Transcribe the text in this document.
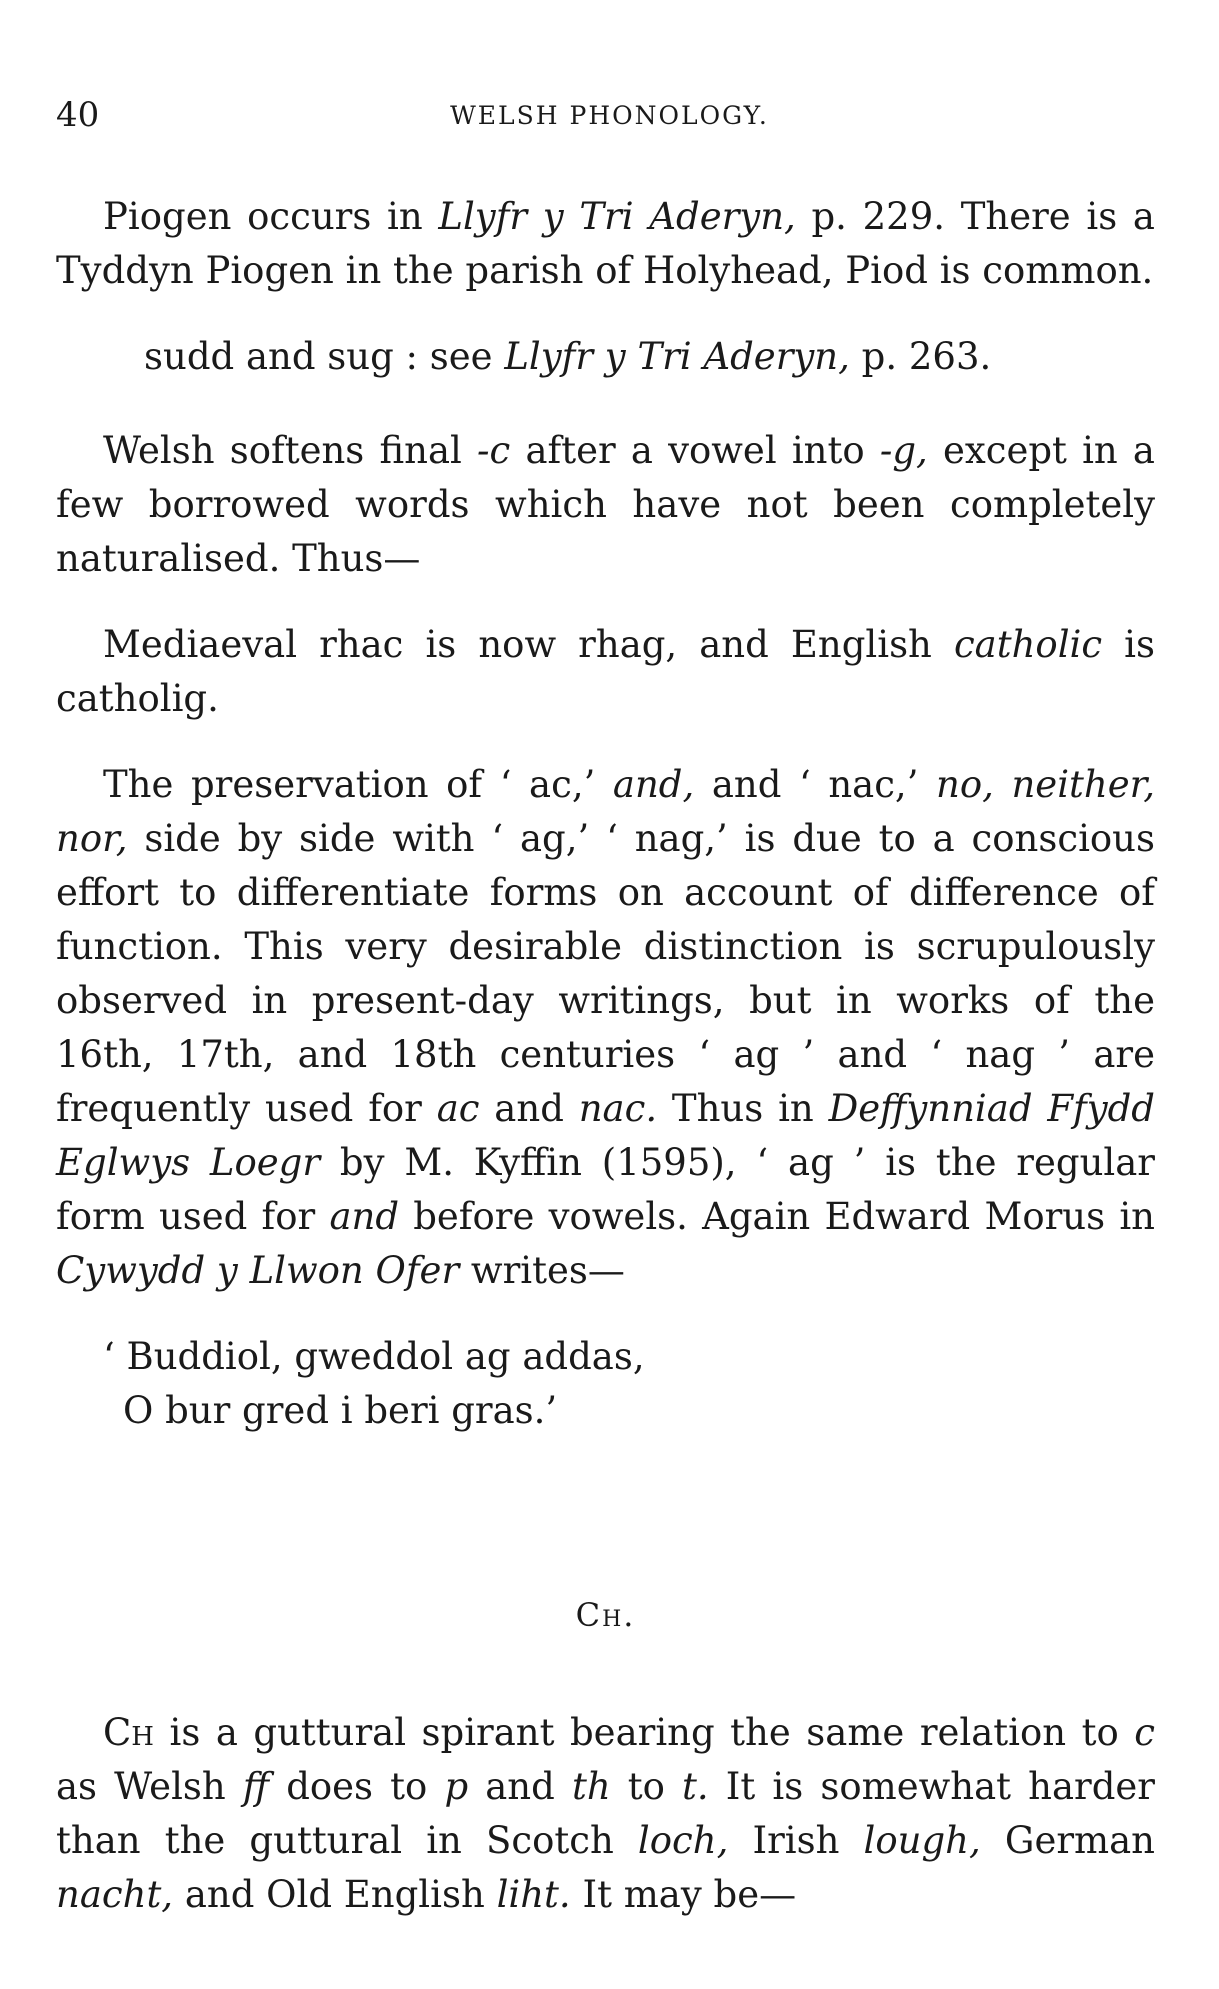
40	WELSH PHONOLOGY.

Piogen occurs in Llyfr y Tri Aderyn, p. 229. There is a Tyddyn Piogen in the parish of Holyhead, Piod is common.

sudd and sug : see Llyfr y Tri Aderyn, p. 263.

Welsh softens final -c after a vowel into -g, except in a few borrowed words which have not been completely naturalised. Thus—

Mediaeval rhac is now rhag, and English catholic is catholig.

The preservation of ‘ ac,’ and, and ‘ nac,’ no, neither, nor, side by side with ‘ ag,’ ‘ nag,’ is due to a conscious effort to differentiate forms on account of difference of function. This very desirable distinction is scrupulously observed in present-day writings, but in works of the 16th, 17th, and 18th centuries ‘ ag ’ and ‘ nag ’ are frequently used for ac and nac. Thus in Deffynniad Ffydd Eglwys Loegr by M. Kyffin (1595), ‘ ag ’ is the regular form used for and before vowels. Again Edward Morus in Cywydd y Llwon Ofer writes—

‘ Buddiol, gweddol ag addas,
O bur gred i beri gras.’
Ch.

Ch is a guttural spirant bearing the same relation to c as Welsh ff does to p and th to t. It is somewhat harder than the guttural in Scotch loch, Irish lough, German nacht, and Old English liht. It may be—
